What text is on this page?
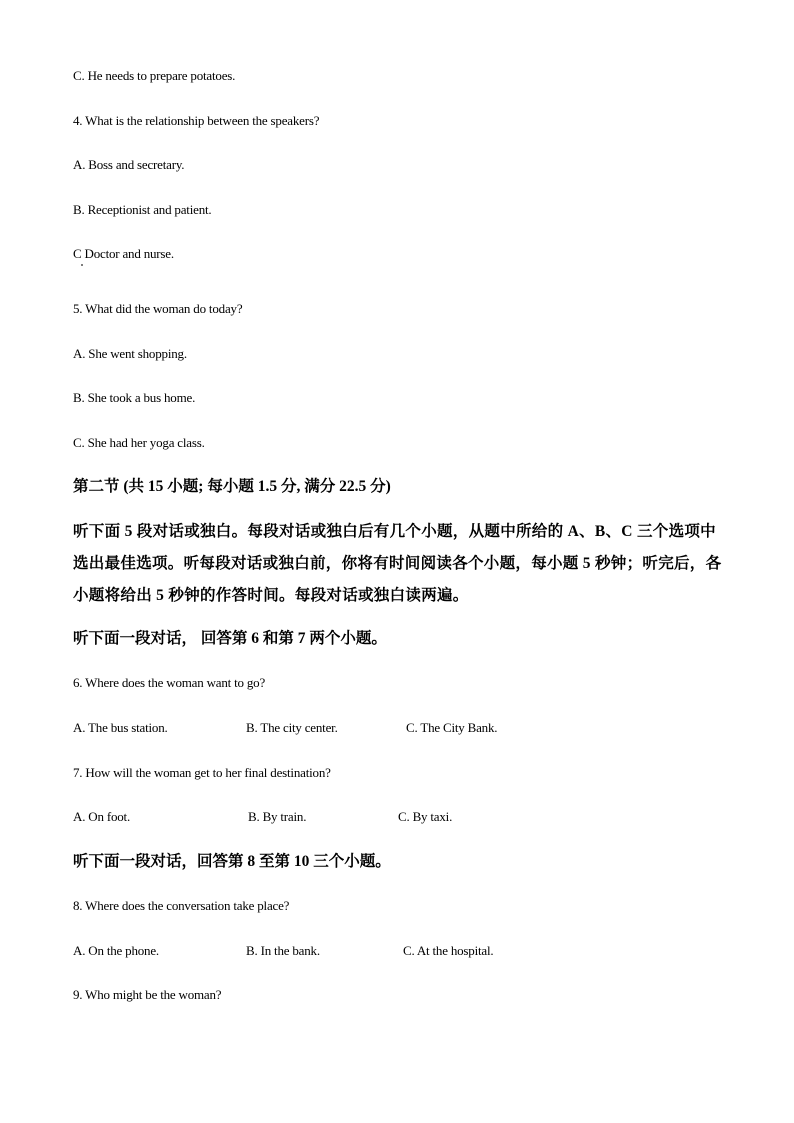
C. He needs to prepare potatoes.
4. What is the relationship between the speakers?
A. Boss and secretary.
B. Receptionist and patient.
C Doctor and nurse.
5. What did the woman do today?
A. She went shopping.
B. She took a bus home.
C. She had her yoga class.
第二节 (共 15 小题; 每小题 1.5 分, 满分 22.5 分)
听下面 5 段对话或独白。每段对话或独白后有几个小题，从题中所给的 A、B、C 三个选项中选出最佳选项。听每段对话或独白前，你将有时间阅读各个小题，每小题 5 秒钟；听完后，各小题将给出 5 秒钟的作答时间。每段对话或独白读两遍。
听下面一段对话， 回答第 6 和第 7 两个小题。
6. Where does the woman want to go?
A. The bus station.	B. The city center.	C. The City Bank.
7. How will the woman get to her final destination?
A. On foot.	B. By train.	C. By taxi.
听下面一段对话，回答第 8 至第 10 三个小题。
8. Where does the conversation take place?
A. On the phone.	B. In the bank.	C. At the hospital.
9. Who might be the woman?
